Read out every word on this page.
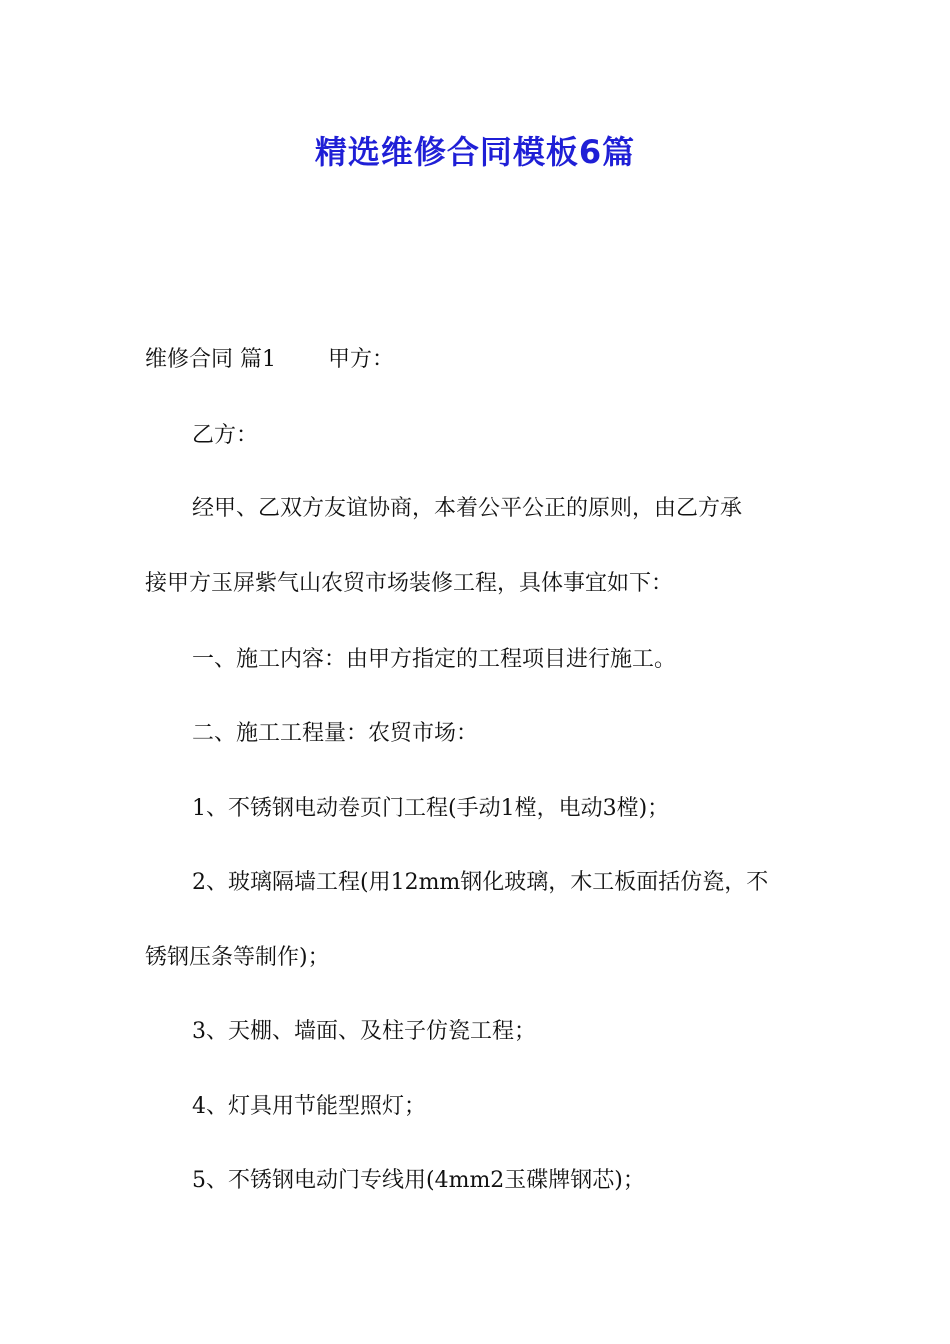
精选维修合同模板6篇

维修合同 篇1 甲方：

乙方：

经甲、乙双方友谊协商，本着公平公正的原则，由乙方承

接甲方玉屏紫气山农贸市场装修工程，具体事宜如下：

一、施工内容：由甲方指定的工程项目进行施工。

二、施工工程量：农贸市场：

1、不锈钢电动卷页门工程(手动1樘，电动3樘)；

2、玻璃隔墙工程(用12mm钢化玻璃，木工板面括仿瓷，不

锈钢压条等制作)；

3、天棚、墙面、及柱子仿瓷工程；

4、灯具用节能型照灯；

5、不锈钢电动门专线用(4mm2玉碟牌钢芯)；
